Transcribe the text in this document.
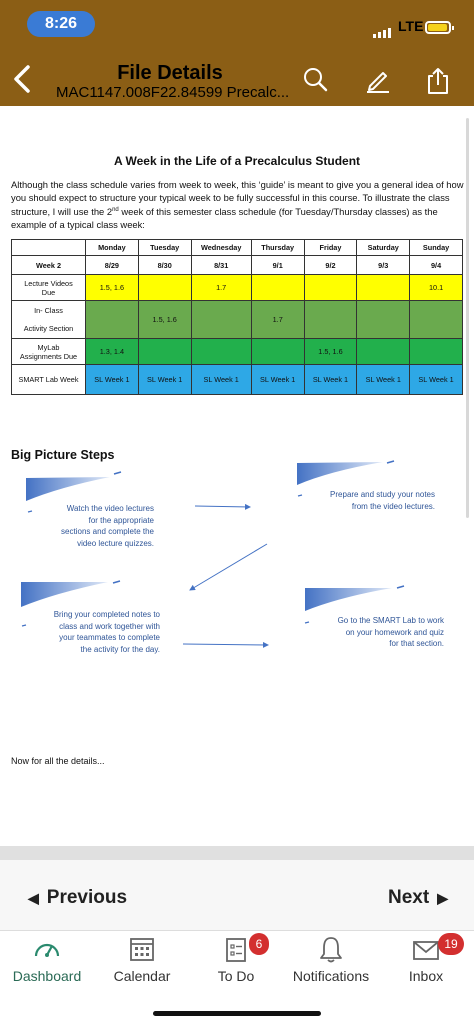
8:26	LTE
File Details
MAC1147.008F22.84599 Precalc...
A Week in the Life of a Precalculus Student
Although the class schedule varies from week to week, this ‘guide’ is meant to give you a general idea of how you should expect to structure your typical week to be fully successful in this course. To illustrate the class structure, I will use the 2nd week of this semester class schedule (for Tuesday/Thursday classes) as the example of a typical class week:
	Monday	Tuesday	Wednesday	Thursday	Friday	Saturday	Sunday
Week 2	8/29	8/30	8/31	9/1	9/2	9/3	9/4
Lecture Videos
Due	1.5, 1.6		1.7				10.1
In- Class

Activity Section		1.5, 1.6		1.7			
MyLab
Assignments Due	1.3, 1.4				1.5, 1.6		
SMART Lab Week	SL Week 1	SL Week 1	SL Week 1	SL Week 1	SL Week 1	SL Week 1	SL Week 1
Big Picture Steps
Watch the video lectures
for the appropriate
sections and complete the
video lecture quizzes.
Prepare and study your notes
from the video lectures.
Bring your completed notes to
class and work together with
your teammates to complete
the activity for the day.
Go to the SMART Lab to work
on your homework and quiz
for that section.
Now for all the details...
◀ Previous	Next ▶
Dashboard	Calendar	To Do
6
Notifications	Inbox
19
